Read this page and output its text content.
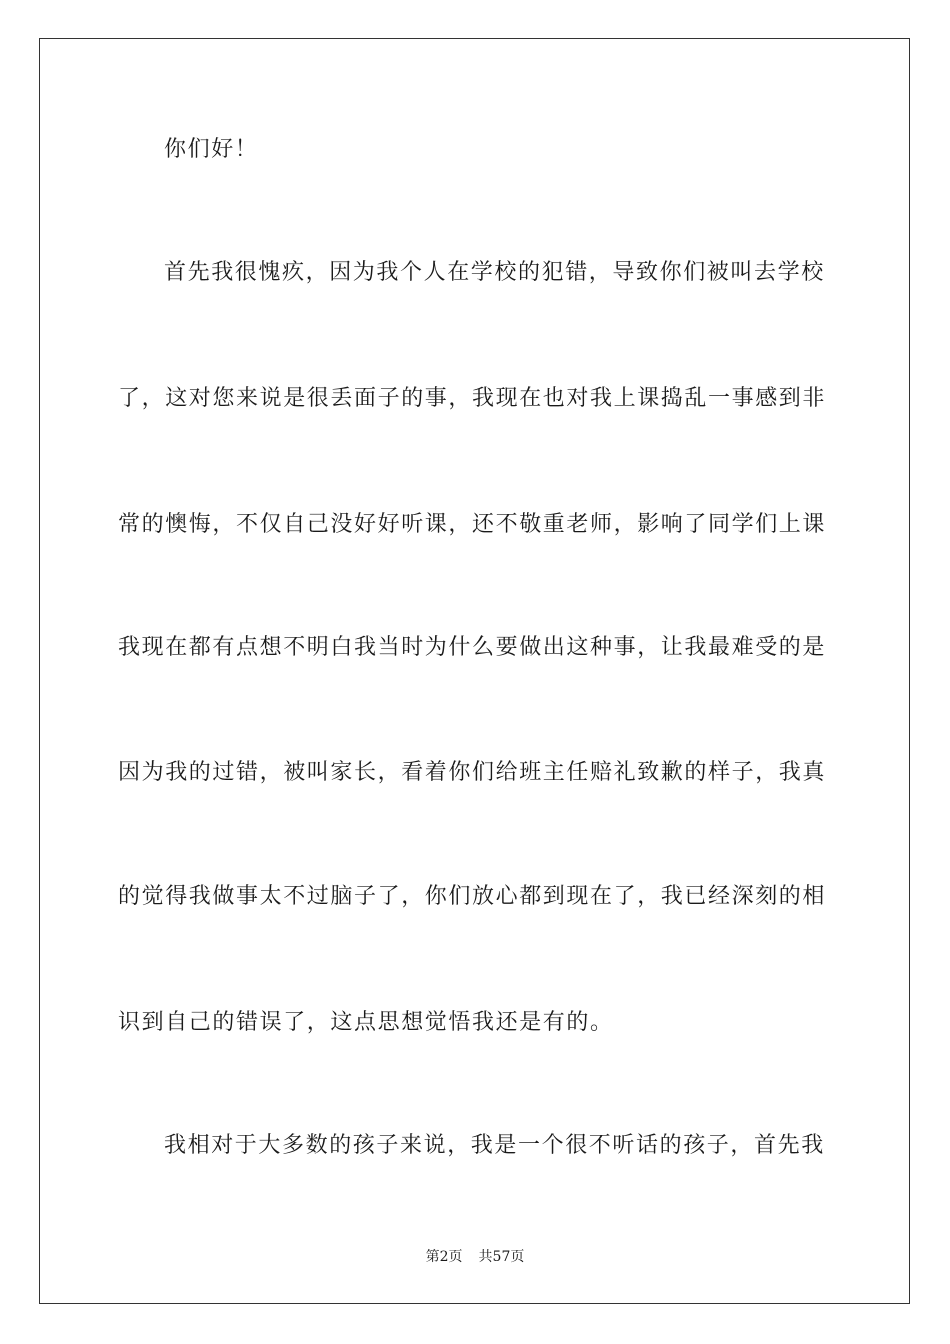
你们好！
首先我很愧疚，因为我个人在学校的犯错，导致你们被叫去学校
了，这对您来说是很丢面子的事，我现在也对我上课捣乱一事感到非
常的懊悔，不仅自己没好好听课，还不敬重老师，影响了同学们上课
我现在都有点想不明白我当时为什么要做出这种事，让我最难受的是
因为我的过错，被叫家长，看着你们给班主任赔礼致歉的样子，我真
的觉得我做事太不过脑子了，你们放心都到现在了，我已经深刻的相
识到自己的错误了，这点思想觉悟我还是有的。
我相对于大多数的孩子来说，我是一个很不听话的孩子，首先我
第2页 共57页
